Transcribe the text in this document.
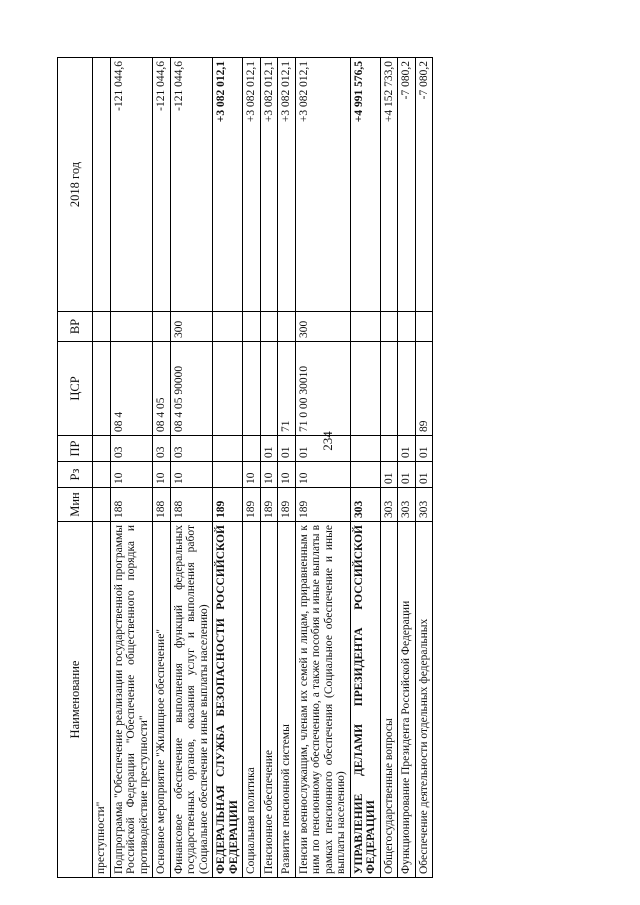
234
Наименование	Мин	Рз	ПР	ЦСР	ВР	2018 год
преступности"						
Подпрограмма "Обеспечение реализации государственной программы Российской Федерации "Обеспечение общественного порядка и противодействие преступности"	188	10	03	08 4		-121 044,6
Основное мероприятие "Жилищное обеспечение"	188	10	03	08 4 05		-121 044,6
Финансовое обеспечение выполнения функций федеральных государственных органов, оказания услуг и выполнения работ (Социальное обеспечение и иные выплаты населению)	188	10	03	08 4 05 90000	300	-121 044,6
ФЕДЕРАЛЬНАЯ СЛУЖБА БЕЗОПАСНОСТИ РОССИЙСКОЙ ФЕДЕРАЦИИ	189					+3 082 012,1
Социальная политика	189	10				+3 082 012,1
Пенсионное обеспечение	189	10	01			+3 082 012,1
Развитие пенсионной системы	189	10	01	71		+3 082 012,1
Пенсии военнослужащим, членам их семей и лицам, приравненным к ним по пенсионному обеспечению, а также пособия и иные выплаты в рамках пенсионного обеспечения (Социальное обеспечение и иные выплаты населению)	189	10	01	71 0 00 30010	300	+3 082 012,1
УПРАВЛЕНИЕ ДЕЛАМИ ПРЕЗИДЕНТА РОССИЙСКОЙ ФЕДЕРАЦИИ	303					+4 991 576,5
Общегосударственные вопросы	303	01				+4 152 733,0
Функционирование Президента Российской Федерации	303	01	01			-7 080,2
Обеспечение деятельности отдельных федеральных	303	01	01	89		-7 080,2
